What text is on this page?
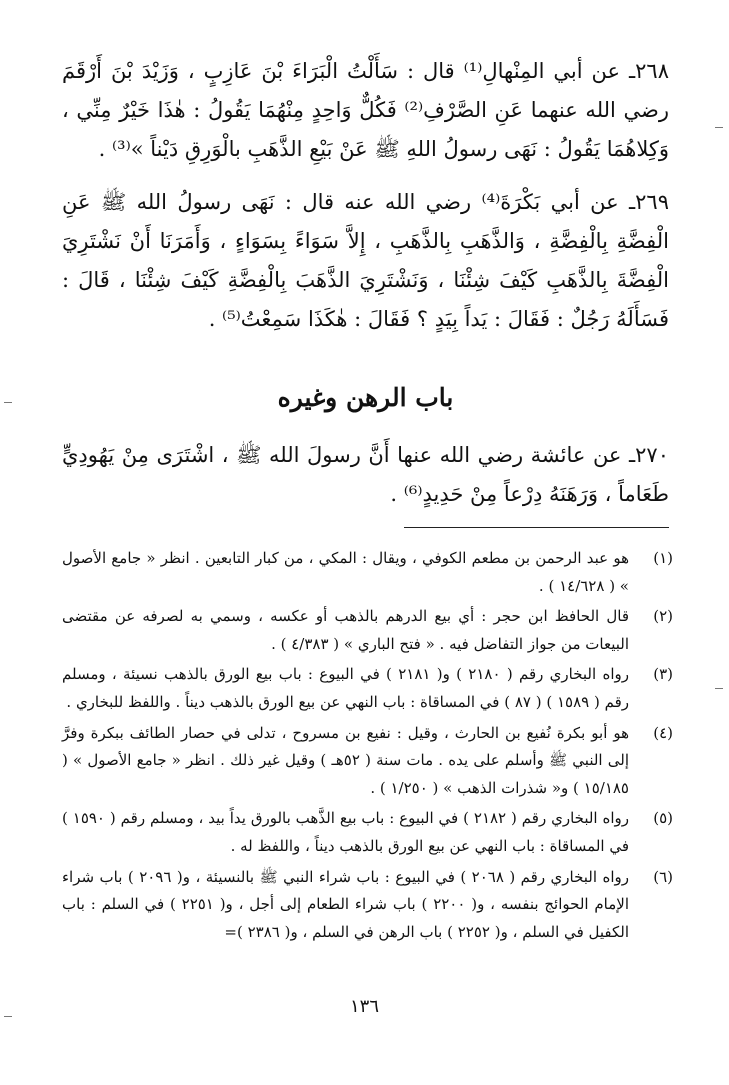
٢٦٨ـ عن أبي المِنْهالِ⁽¹⁾ قال : سَأَلْتُ الْبَرَاءَ بْنَ عَازِبٍ ، وَزَيْدَ بْنَ أَرْقَمَ رضي الله عنهما عَنِ الصَّرْفِ⁽²⁾ فَكُلٌّ وَاحِدٍ مِنْهُمَا يَقُولُ : هٰذَا خَيْرٌ مِنِّي ، وَكِلاهُمَا يَقُولُ : نَهَى رسولُ اللهِ ﷺ عَنْ بَيْعِ الذَّهَبِ بالْوَرِقِ دَيْناً »⁽³⁾ .

٢٦٩ـ عن أبي بَكْرَةَ⁽⁴⁾ رضي الله عنه قال : نَهَى رسولُ الله ﷺ عَنِ الْفِضَّةِ بِالْفِضَّةِ ، وَالذَّهَبِ بِالذَّهَبِ ، إِلاَّ سَوَاءً بِسَوَاءٍ ، وَأَمَرَنَا أَنْ نَشْتَرِيَ الْفِضَّةَ بِالذَّهَبِ كَيْفَ شِئْنَا ، وَنَشْتَرِيَ الذَّهَبَ بِالْفِضَّةِ كَيْفَ شِئْنَا ، قَالَ : فَسَأَلَهُ رَجُلٌ : فَقَالَ : يَداً بِيَدٍ ؟ فَقَالَ : هٰكَذَا سَمِعْتُ⁽⁵⁾ .

باب الرهن وغيره

٢٧٠ـ عن عائشة رضي الله عنها أَنَّ رسولَ الله ﷺ ، اشْتَرَى مِنْ يَهُودِيٍّ طَعَاماً ، وَرَهَنَهُ دِرْعاً مِنْ حَدِيدٍ⁽⁶⁾ .

(١)
هو عبد الرحمن بن مطعم الكوفي ، ويقال : المكي ، من كبار التابعين . انظر « جامع الأصول » ( ١٤/٦٢٨ ) .
(٢)
قال الحافظ ابن حجر : أي بيع الدرهم بالذهب أو عكسه ، وسمي به لصرفه عن مقتضى البيعات من جواز التفاضل فيه . « فتح الباري » ( ٤/٣٨٣ ) .
(٣)
رواه البخاري رقم ( ٢١٨٠ ) و( ٢١٨١ ) في البيوع : باب بيع الورق بالذهب نسيئة ، ومسلم رقم ( ١٥٨٩ ) ( ٨٧ ) في المساقاة : باب النهي عن بيع الورق بالذهب ديناً . واللفظ للبخاري .
(٤)
هو أبو بكرة نُفيع بن الحارث ، وقيل : نفيع بن مسروح ، تدلى في حصار الطائف ببكرة وفرَّ إلى النبي ﷺ وأسلم على يده . مات سنة ( ٥٢هـ ) وقيل غير ذلك . انظر « جامع الأصول » ( ١٥/١٨٥ ) و« شذرات الذهب » ( ١/٢٥٠ ) .
(٥)
رواه البخاري رقم ( ٢١٨٢ ) في البيوع : باب بيع الذَّهب بالورق يداً بيد ، ومسلم رقم ( ١٥٩٠ ) في المساقاة : باب النهي عن بيع الورق بالذهب ديناً ، واللفظ له .
(٦)
رواه البخاري رقم ( ٢٠٦٨ ) في البيوع : باب شراء النبي ﷺ بالنسيئة ، و( ٢٠٩٦ ) باب شراء الإمام الحوائج بنفسه ، و( ٢٢٠٠ ) باب شراء الطعام إلى أجل ، و( ٢٢٥١ ) في السلم : باب الكفيل في السلم ، و( ٢٢٥٢ ) باب الرهن في السلم ، و( ٢٣٨٦ )=
١٣٦
